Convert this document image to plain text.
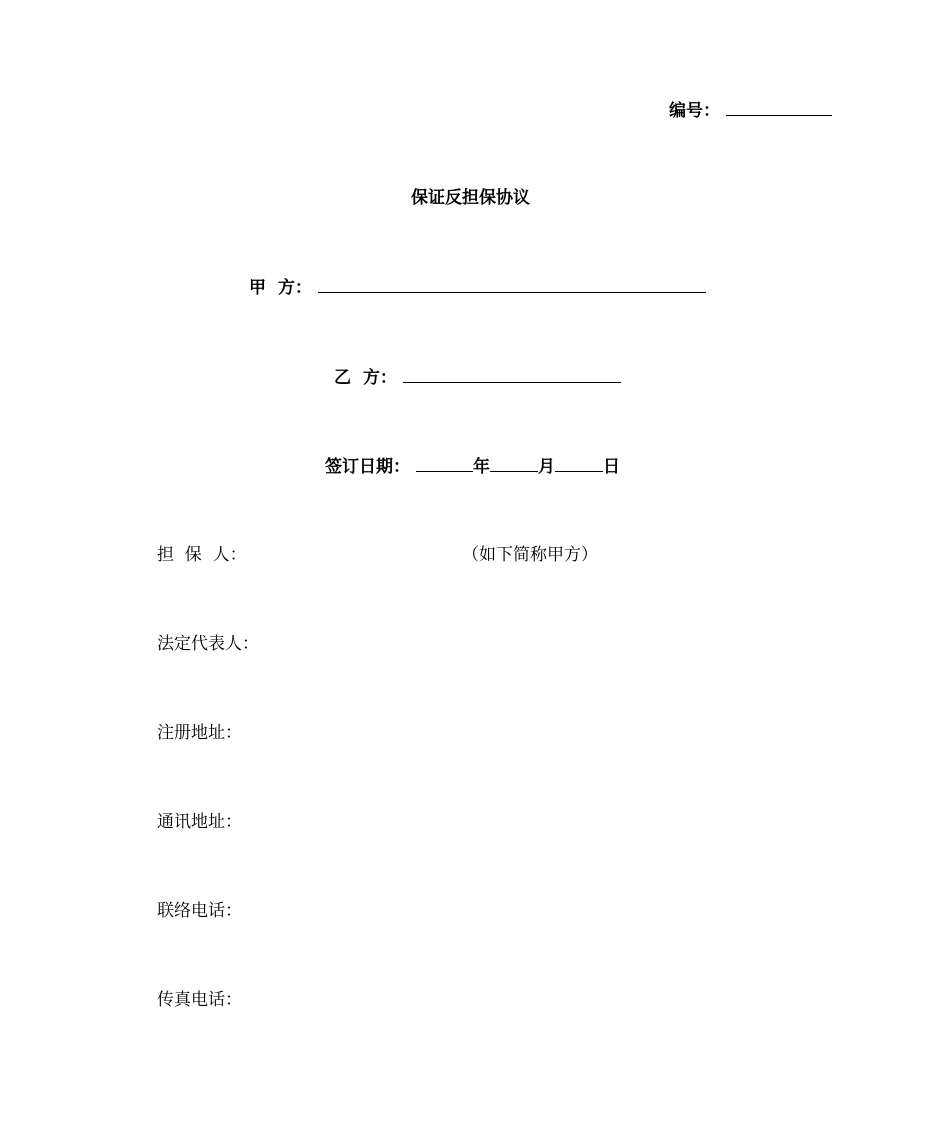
编号：
保证反担保协议
甲  方：
乙  方：
签订日期：	年	月	日
担  保  人：	（如下简称甲方）
法定代表人：
注册地址：
通讯地址：
联络电话：
传真电话：
